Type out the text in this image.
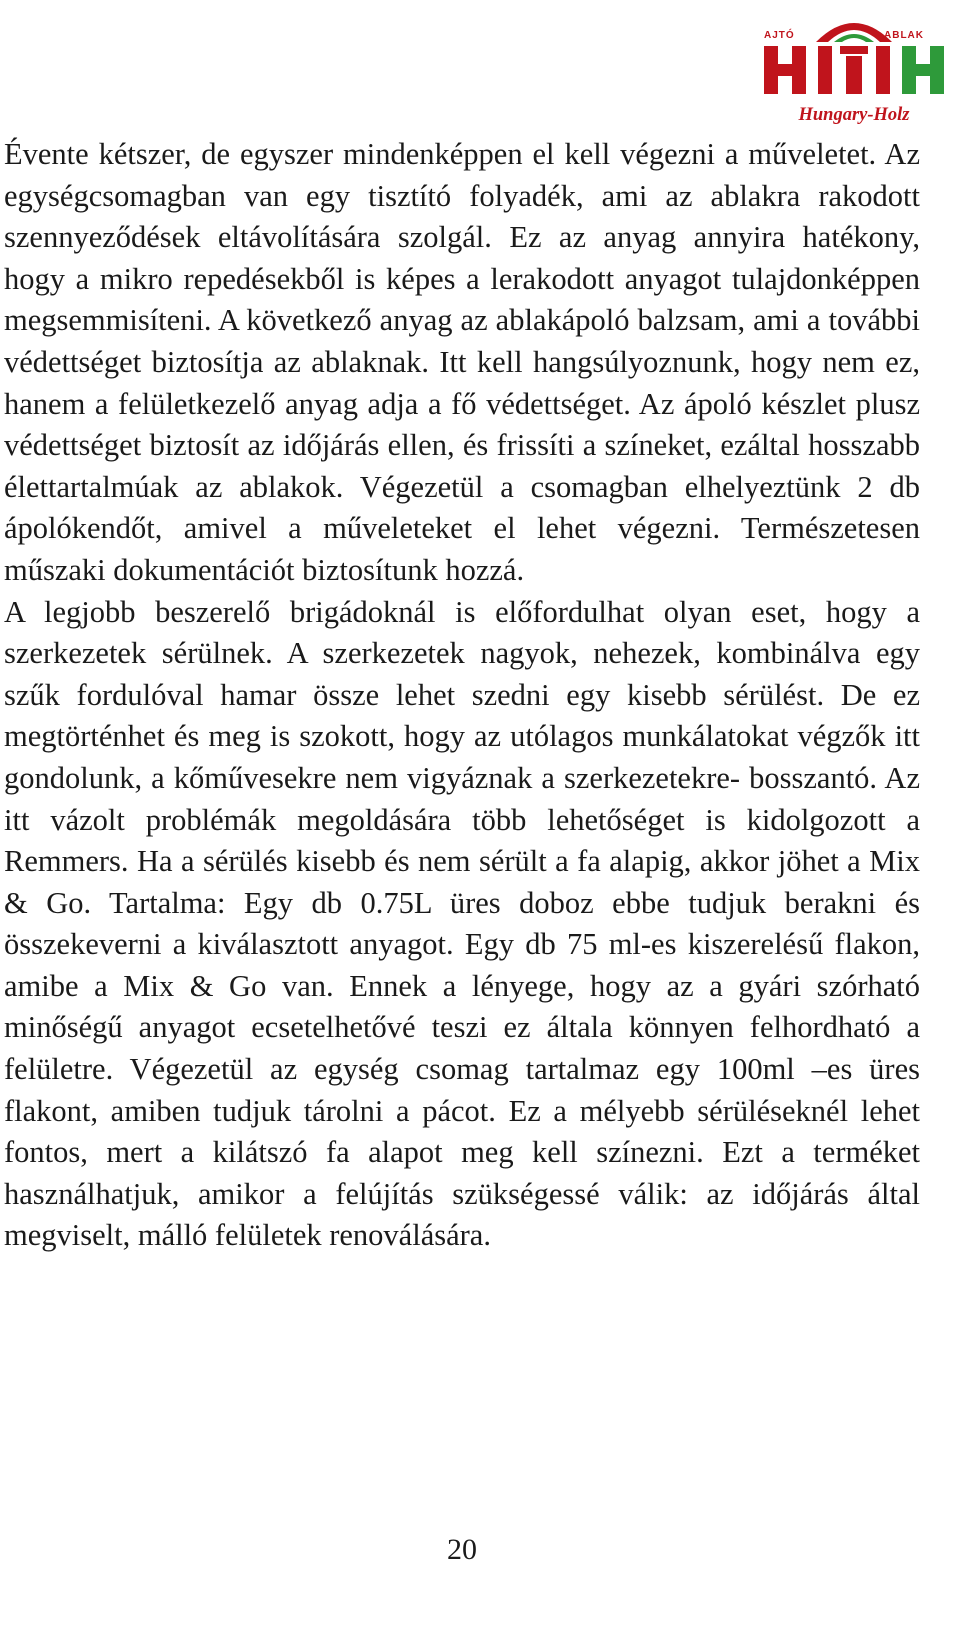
AJTÓ	ABLAK
Hungary-Holz

Évente kétszer, de egyszer mindenképpen el kell végezni a műveletet. Az egységcsomagban van egy tisztító folyadék, ami az ablakra rakodott szennyeződések eltávolítására szolgál. Ez az anyag annyira hatékony, hogy a mikro repedésekből is képes a lerakodott anyagot tulajdonképpen megsemmisíteni. A következő anyag az ablakápoló balzsam, ami a további védettséget biztosítja az ablaknak. Itt kell hangsúlyoznunk, hogy nem ez, hanem a felületkezelő anyag adja a fő védettséget. Az ápoló készlet plusz védettséget biztosít az időjárás ellen, és frissíti a színeket, ezáltal hosszabb élettartalmúak az ablakok. Végezetül a csomagban elhelyeztünk 2 db ápolókendőt, amivel a műveleteket el lehet végezni. Természetesen műszaki dokumentációt biztosítunk hozzá.

A legjobb beszerelő brigádoknál is előfordulhat olyan eset, hogy a szerkezetek sérülnek. A szerkezetek nagyok, nehezek, kombinálva egy szűk fordulóval hamar össze lehet szedni egy kisebb sérülést. De ez megtörténhet és meg is szokott, hogy az utólagos munkálatokat végzők itt gondolunk, a kőművesekre nem vigyáznak a szerkezetekre- bosszantó. Az itt vázolt problémák megoldására több lehetőséget is kidolgozott a Remmers. Ha a sérülés kisebb és nem sérült a fa alapig, akkor jöhet a Mix & Go. Tartalma: Egy db 0.75L üres doboz ebbe tudjuk berakni és összekeverni a kiválasztott anyagot. Egy db 75 ml-es kiszerelésű flakon, amibe a Mix & Go van. Ennek a lényege, hogy az a gyári szórható minőségű anyagot ecsetelhetővé teszi ez általa könnyen felhordható a felületre. Végezetül az egység csomag tartalmaz egy 100ml –es üres flakont, amiben tudjuk tárolni a pácot. Ez a mélyebb sérüléseknél lehet fontos, mert a kilátszó fa alapot meg kell színezni. Ezt a terméket használhatjuk, amikor a felújítás szükségessé válik: az időjárás által megviselt, málló felületek renoválására.

20
